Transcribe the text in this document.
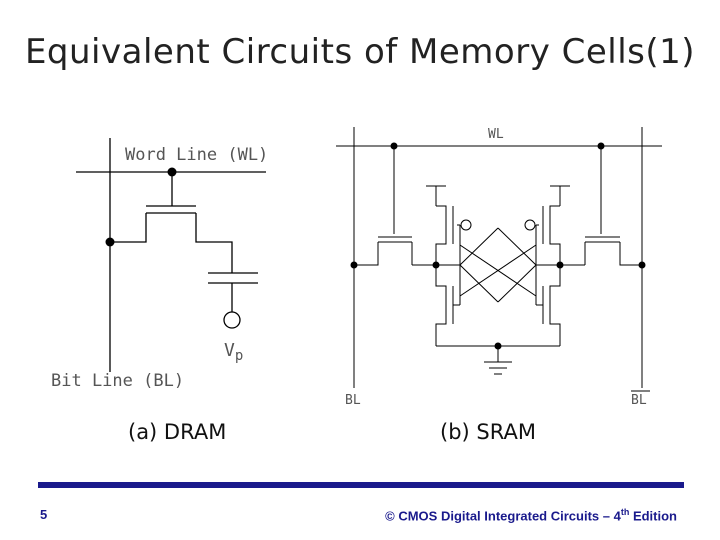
Equivalent Circuits of Memory Cells(1)
Word Line (WL)
Bit Line (BL)
$V_p$
WL
BL	BL
(a) DRAM	(b) SRAM
5	© CMOS Digital Integrated Circuits – 4th Edition
